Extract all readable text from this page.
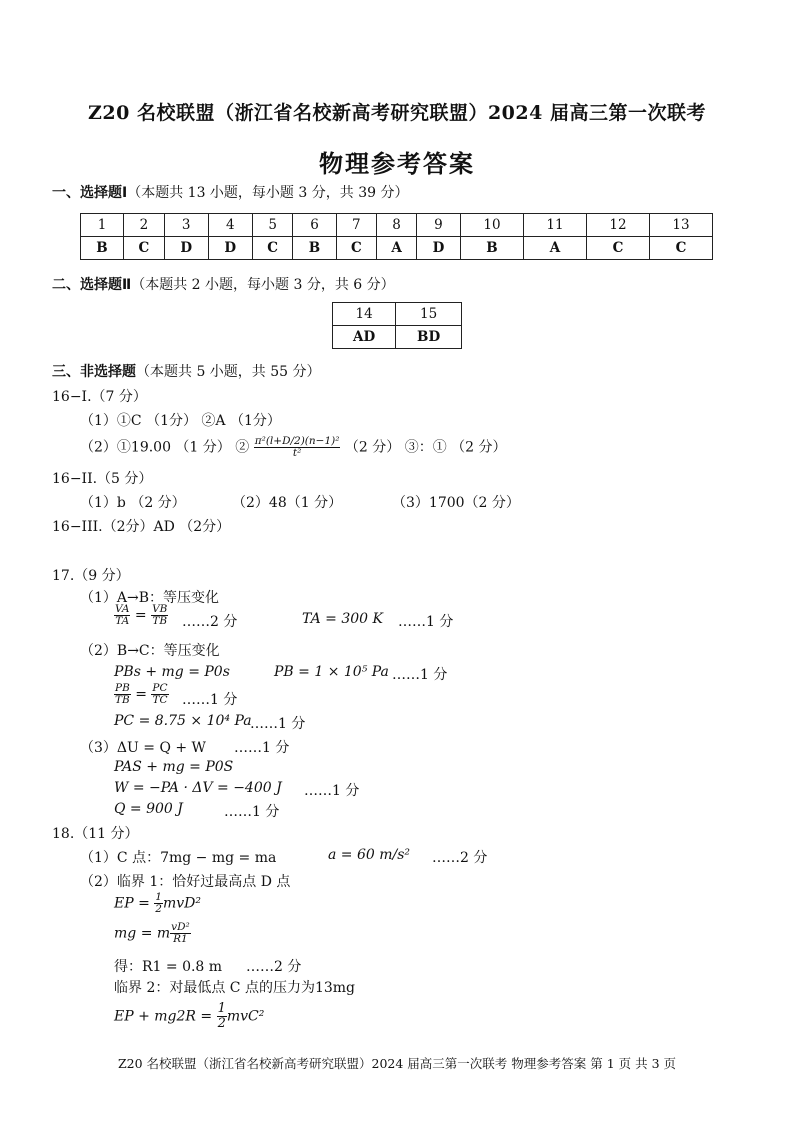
Z20 名校联盟（浙江省名校新高考研究联盟）2024 届高三第一次联考
物理参考答案
一、选择题Ⅰ（本题共 13 小题，每小题 3 分，共 39 分）
1	2	3	4	5	6	7	8	9	10	11	12	13
B	C	D	D	C	B	C	A	D	B	A	C	C
二、选择题Ⅱ（本题共 2 小题，每小题 3 分，共 6 分）
14	15
AD	BD
三、非选择题（本题共 5 小题，共 55 分）
16−I.（7 分）
（1）①C （1分） ②A （1分）
（2）①19.00 （1 分） ② $\frac{\text{π²(l+D/2)(n−1)²}}{\text{t²}} (2$ 分） ③：① （2 分）
16−II.（5 分）
（1）b （2 分）	（2）48（1 分）	（3）1700（2 分）
16−III.（2分）AD （2分）
17.（9 分）
（1）A→B：等压变化
$\frac{VA}{TA} = \frac{VB}{TB}$ ……2 分	TA = 300 K ……1 分
（2）B→C：等压变化
PBs + mg = P0s	PB = 1 × 10⁵ Pa ……1 分
$\frac{PB}{TB} = \frac{PC}{TC}$ ……1 分
PC = 8.75 × 10⁴ Pa
……1 分
（3）ΔU = Q + W ……1 分
PAS + mg = P0S
W = −PA · ΔV = −400 J ……1 分
Q = 900 J	……1 分
18.（11 分）
（1）C 点：7mg − mg = ma	a = 60 m/s² ……2 分
（2）临界 1：恰好过最高点 D 点
EP = $\frac{1}{2} mvD^2$
mg = m $\frac{\text{vD²}}{R1}$
得：R1 = 0.8 m ……2 分
临界 2：对最低点 C 点的压力为13mg
EP + $mg2R = \frac{1}{2} mvC^2$
Z20 名校联盟（浙江省名校新高考研究联盟）2024 届高三第一次联考 物理参考答案 第 1 页 共 3 页
